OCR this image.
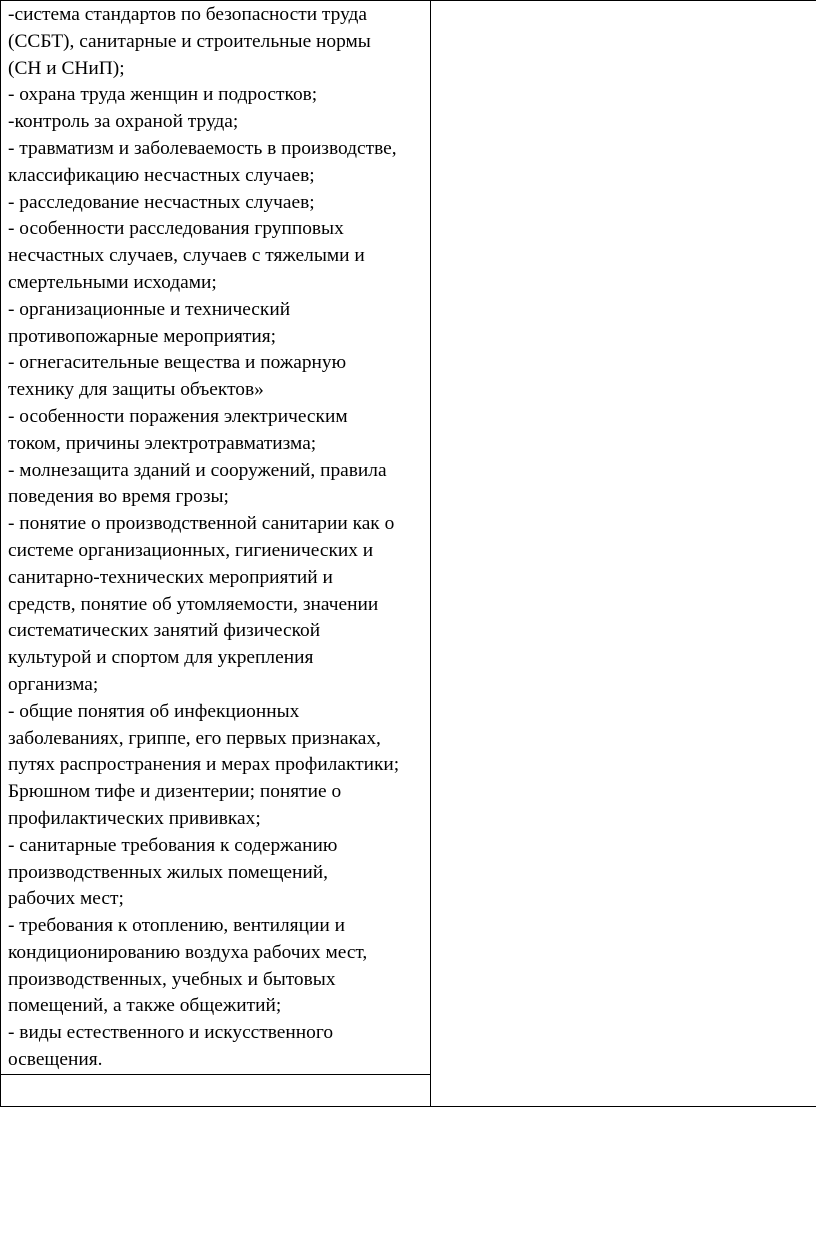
-система стандартов по безопасности труда
(ССБТ), санитарные и строительные нормы
(СН и СНиП);
- охрана труда женщин и подростков;
-контроль за охраной труда;
- травматизм и заболеваемость в производстве,
классификацию несчастных случаев;
- расследование несчастных случаев;
- особенности расследования групповых
несчастных случаев, случаев с тяжелыми и
смертельными исходами;
- организационные и технический
противопожарные мероприятия;
- огнегасительные вещества и пожарную
технику для защиты объектов»
- особенности поражения электрическим
током, причины электротравматизма;
- молнезащита зданий и сооружений, правила
поведения во время грозы;
- понятие о производственной санитарии как о
системе организационных, гигиенических и
санитарно-технических мероприятий и
средств, понятие об утомляемости, значении
систематических занятий физической
культурой и спортом для укрепления
организма;
- общие понятия об инфекционных
заболеваниях, гриппе, его первых признаках,
путях распространения и мерах профилактики;
Брюшном тифе и дизентерии; понятие о
профилактических прививках;
- санитарные требования к содержанию
производственных жилых помещений,
рабочих мест;
- требования к отоплению, вентиляции и
кондиционированию воздуха рабочих мест,
производственных, учебных и бытовых
помещений, а также общежитий;
- виды естественного и искусственного
освещения.
